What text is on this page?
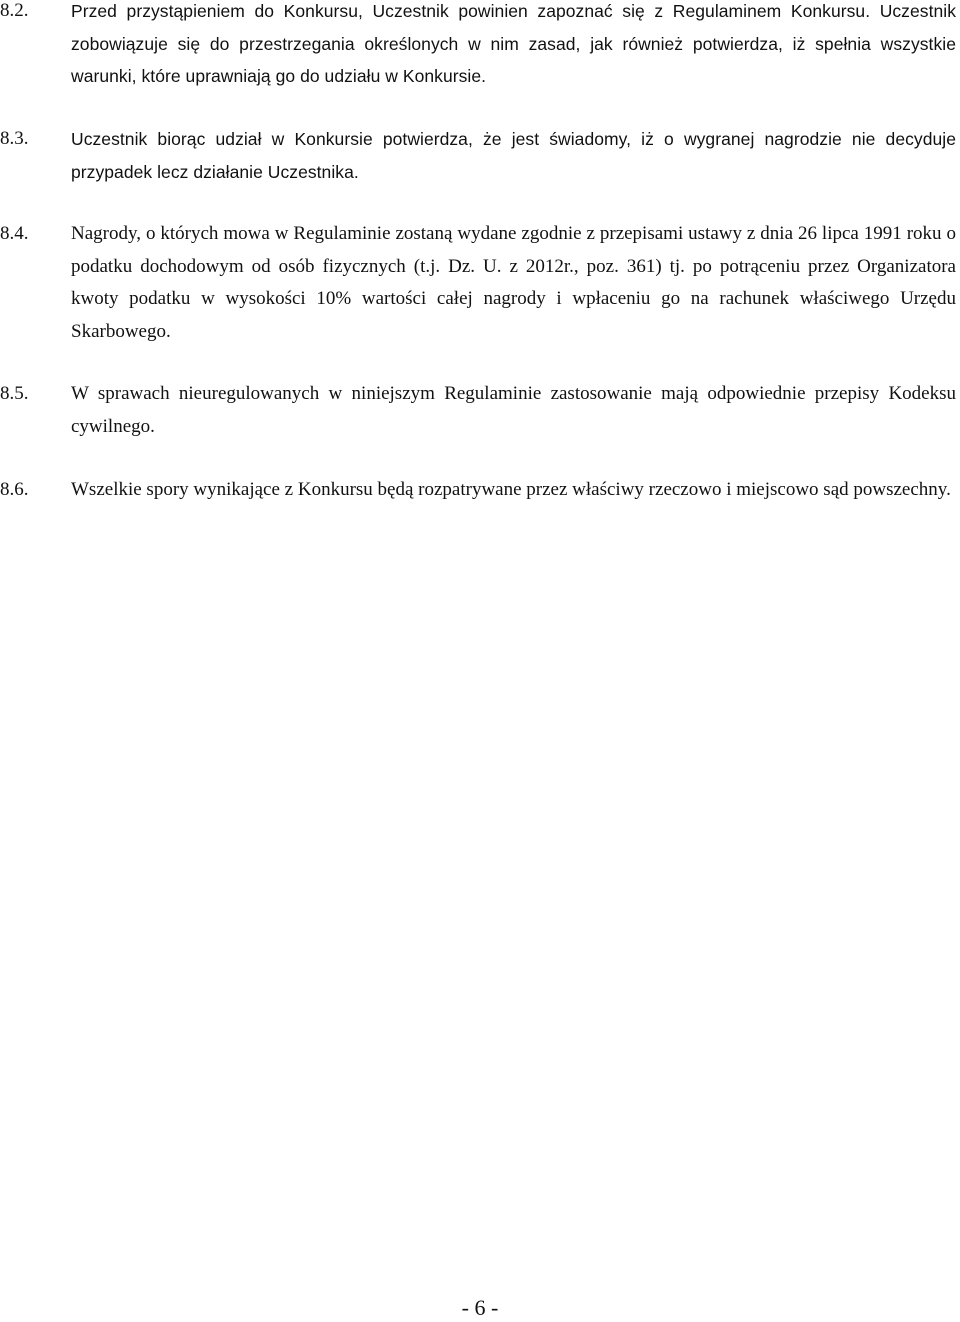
8.2.	Przed przystąpieniem do Konkursu, Uczestnik powinien zapoznać się z Regulaminem Konkursu. Uczestnik zobowiązuje się do przestrzegania określonych w nim zasad, jak również potwierdza, iż spełnia wszystkie warunki, które uprawniają go do udziału w Konkursie.
8.3.	Uczestnik biorąc udział w Konkursie potwierdza, że jest świadomy, iż o wygranej nagrodzie nie decyduje przypadek lecz działanie Uczestnika.
8.4.	Nagrody, o których mowa w Regulaminie zostaną wydane zgodnie z przepisami ustawy z dnia 26 lipca 1991 roku o podatku dochodowym od osób fizycznych (t.j. Dz. U. z 2012r., poz. 361) tj. po potrąceniu przez Organizatora kwoty podatku w wysokości 10% wartości całej nagrody i wpłaceniu go na rachunek właściwego Urzędu Skarbowego.
8.5.	W sprawach nieuregulowanych w niniejszym Regulaminie zastosowanie mają odpowiednie przepisy Kodeksu cywilnego.
8.6.	Wszelkie spory wynikające z Konkursu będą rozpatrywane przez właściwy rzeczowo i miejscowo sąd powszechny.
- 6 -
